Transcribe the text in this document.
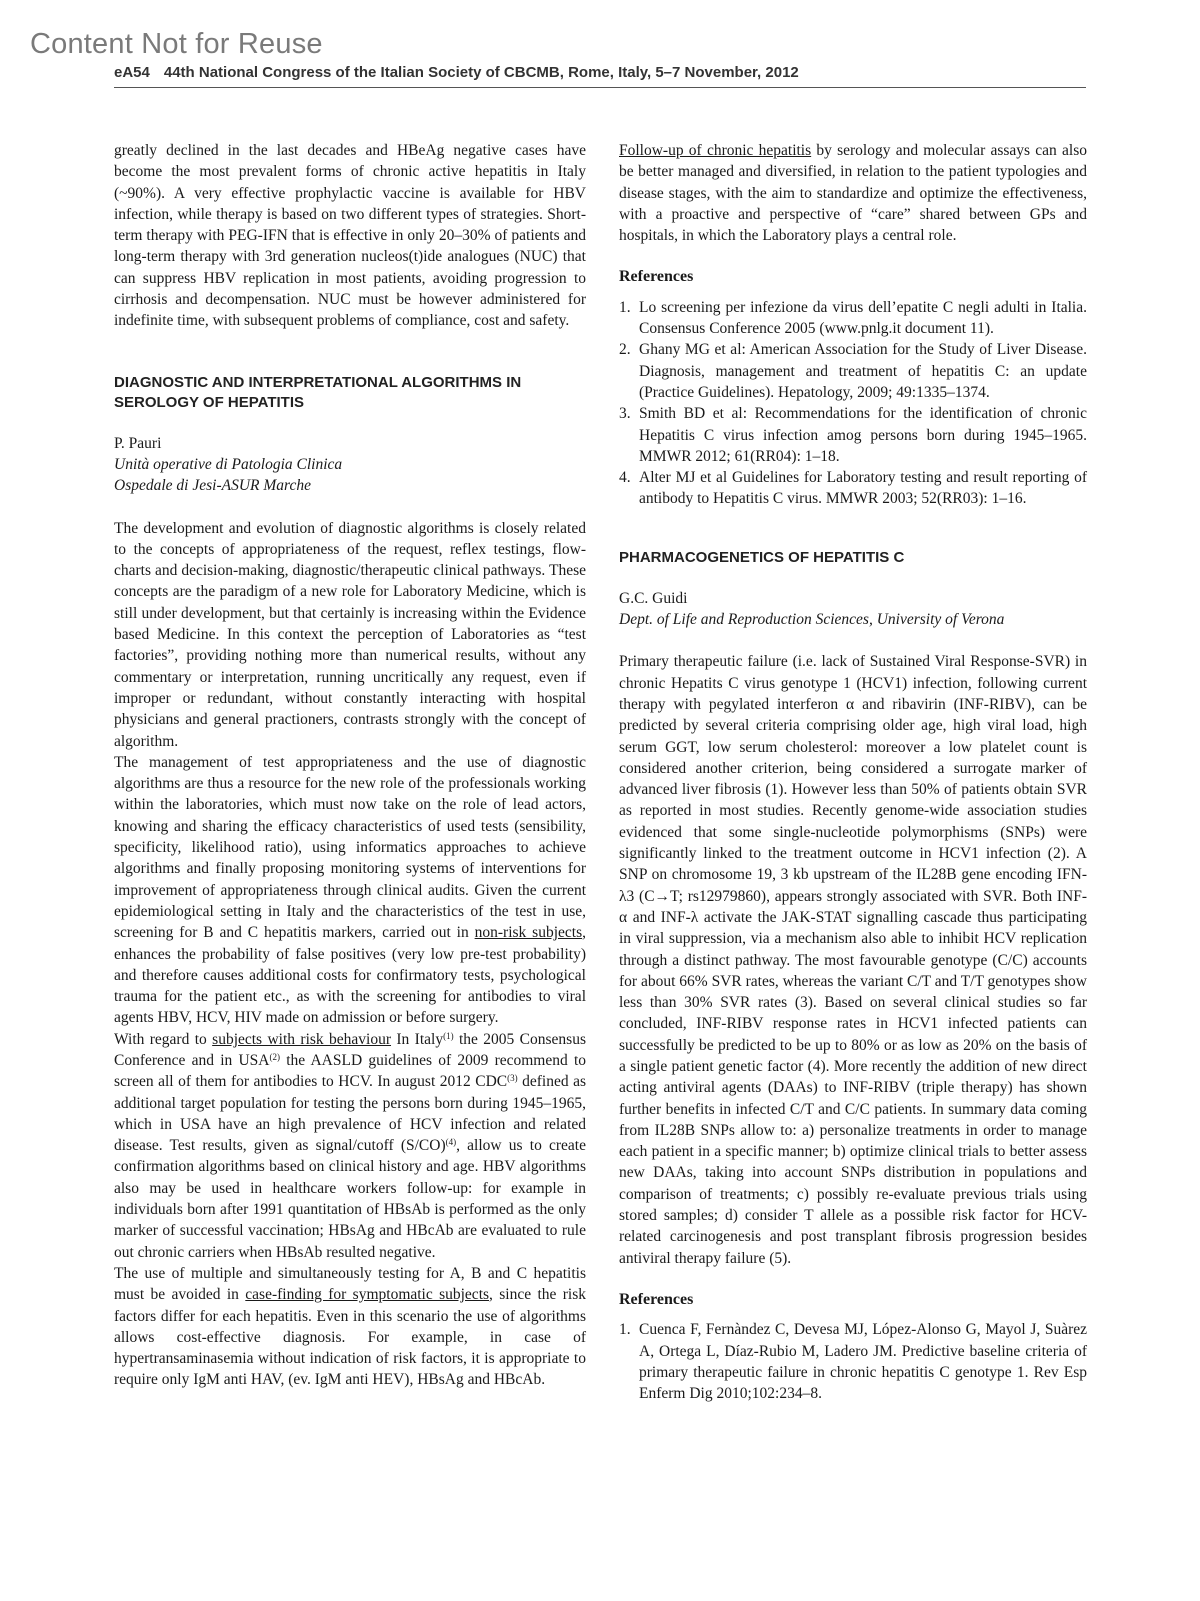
Content Not for Reuse
eA54 44th National Congress of the Italian Society of CBCMB, Rome, Italy, 5–7 November, 2012

greatly declined in the last decades and HBeAg negative cases have become the most prevalent forms of chronic active hepatitis in Italy (~90%). A very effective prophylactic vaccine is available for HBV infection, while therapy is based on two different types of strategies. Short-term therapy with PEG-IFN that is effective in only 20–30% of patients and long-term therapy with 3rd generation nucleos(t)ide analogues (NUC) that can suppress HBV replication in most patients, avoiding progression to cirrhosis and decompensation. NUC must be however administered for indefinite time, with subsequent problems of compliance, cost and safety.

DIAGNOSTIC AND INTERPRETATIONAL ALGORITHMS IN SEROLOGY OF HEPATITIS

P. Pauri

Unità operative di Patologia Clinica

Ospedale di Jesi-ASUR Marche

The development and evolution of diagnostic algorithms is closely related to the concepts of appropriateness of the request, reflex testings, flow-charts and decision-making, diagnostic/therapeutic clinical pathways. These concepts are the paradigm of a new role for Laboratory Medicine, which is still under development, but that certainly is increasing within the Evidence based Medicine. In this context the perception of Laboratories as “test factories”, providing nothing more than numerical results, without any commentary or interpretation, running uncritically any request, even if improper or redundant, without constantly interacting with hospital physicians and general practioners, contrasts strongly with the concept of algorithm.

The management of test appropriateness and the use of diagnostic algorithms are thus a resource for the new role of the professionals working within the laboratories, which must now take on the role of lead actors, knowing and sharing the efficacy characteristics of used tests (sensibility, specificity, likelihood ratio), using informatics approaches to achieve algorithms and finally proposing monitoring systems of interventions for improvement of appropriateness through clinical audits. Given the current epidemiological setting in Italy and the characteristics of the test in use, screening for B and C hepatitis markers, carried out in non-risk subjects, enhances the probability of false positives (very low pre-test probability) and therefore causes additional costs for confirmatory tests, psychological trauma for the patient etc., as with the screening for antibodies to viral agents HBV, HCV, HIV made on admission or before surgery.

With regard to subjects with risk behaviour In Italy$^{(1)}$ the 2005 Consensus Conference and in USA$^{(2)}$ the AASLD guidelines of 2009 recommend to screen all of them for antibodies to HCV. In august 2012 CDC$^{(3)}$ defined as additional target population for testing the persons born during 1945–1965, which in USA have an high prevalence of HCV infection and related disease. Test results, given as signal/cutoff $(S/CO)^{(4)}$, allow us to create confirmation algorithms based on clinical history and age. HBV algorithms also may be used in healthcare workers follow-up: for example in individuals born after 1991 quantitation of HBsAb is performed as the only marker of successful vaccination; HBsAg and HBcAb are evaluated to rule out chronic carriers when HBsAb resulted negative.

The use of multiple and simultaneously testing for A, B and C hepatitis must be avoided in case-finding for symptomatic subjects, since the risk factors differ for each hepatitis. Even in this scenario the use of algorithms allows cost-effective diagnosis. For example, in case of hypertransaminasemia without indication of risk factors, it is appropriate to require only IgM anti HAV, (ev. IgM anti HEV), HBsAg and HBcAb.

Follow-up of chronic hepatitis by serology and molecular assays can also be better managed and diversified, in relation to the patient typologies and disease stages, with the aim to standardize and optimize the effectiveness, with a proactive and perspective of “care” shared between GPs and hospitals, in which the Laboratory plays a central role.

References
1. Lo screening per infezione da virus dell’epatite C negli adulti in Italia. Consensus Conference 2005 (www.pnlg.it document 11).
2. Ghany MG et al: American Association for the Study of Liver Disease. Diagnosis, management and treatment of hepatitis C: an update (Practice Guidelines). Hepatology, 2009; 49:1335–1374.
3. Smith BD et al: Recommendations for the identification of chronic Hepatitis C virus infection amog persons born during 1945–1965. MMWR 2012; 61(RR04): 1–18.
4. Alter MJ et al Guidelines for Laboratory testing and result reporting of antibody to Hepatitis C virus. MMWR 2003; 52(RR03): 1–16.
PHARMACOGENETICS OF HEPATITIS C

G.C. Guidi

Dept. of Life and Reproduction Sciences, University of Verona

Primary therapeutic failure (i.e. lack of Sustained Viral Response-SVR) in chronic Hepatits C virus genotype 1 (HCV1) infection, following current therapy with pegylated interferon α and ribavirin (INF-RIBV), can be predicted by several criteria comprising older age, high viral load, high serum GGT, low serum cholesterol: moreover a low platelet count is considered another criterion, being considered a surrogate marker of advanced liver fibrosis (1). However less than 50% of patients obtain SVR as reported in most studies. Recently genome-wide association studies evidenced that some single-nucleotide polymorphisms (SNPs) were significantly linked to the treatment outcome in HCV1 infection (2). A SNP on chromosome 19, 3 kb upstream of the IL28B gene encoding IFN-λ3 (C→T; rs12979860), appears strongly associated with SVR. Both INF-α and INF-λ activate the JAK-STAT signalling cascade thus participating in viral suppression, via a mechanism also able to inhibit HCV replication through a distinct pathway. The most favourable genotype (C/C) accounts for about 66% SVR rates, whereas the variant C/T and T/T genotypes show less than 30% SVR rates (3). Based on several clinical studies so far concluded, INF-RIBV response rates in HCV1 infected patients can successfully be predicted to be up to 80% or as low as 20% on the basis of a single patient genetic factor (4). More recently the addition of new direct acting antiviral agents (DAAs) to INF-RIBV (triple therapy) has shown further benefits in infected C/T and C/C patients. In summary data coming from IL28B SNPs allow to: a) personalize treatments in order to manage each patient in a specific manner; b) optimize clinical trials to better assess new DAAs, taking into account SNPs distribution in populations and comparison of treatments; c) possibly re-evaluate previous trials using stored samples; d) consider T allele as a possible risk factor for HCV-related carcinogenesis and post transplant fibrosis progression besides antiviral therapy failure (5).

References
1. Cuenca F, Fernàndez C, Devesa MJ, López-Alonso G, Mayol J, Suàrez A, Ortega L, Díaz-Rubio M, Ladero JM. Predictive baseline criteria of primary therapeutic failure in chronic hepatitis C genotype 1. Rev Esp Enferm Dig 2010;102:234–8.
